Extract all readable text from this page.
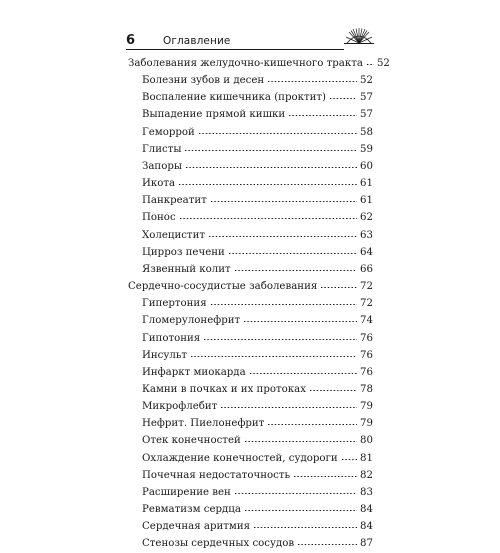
6	Оглавление
Заболевания желудочно-кишечного тракта 52
Болезни зубов и десен	52
Воспаление кишечника (проктит)	57
Выпадение прямой кишки	57
Геморрой	58
Глисты	59
Запоры	60
Икота	61
Панкреатит	61
Понос	62
Холецистит	63
Цирроз печени	64
Язвенный колит	66
Сердечно-сосудистые заболевания	72
Гипертония	72
Гломерулонефрит	74
Гипотония	76
Инсульт	76
Инфаркт миокарда	76
Камни в почках и их протоках	78
Микрофлебит	79
Нефрит. Пиелонефрит	79
Отек конечностей	80
Охлаждение конечностей, судороги 81
Почечная недостаточность	82
Расширение вен	83
Ревматизм сердца	84
Сердечная аритмия	84
Стенозы сердечных сосудов	87
